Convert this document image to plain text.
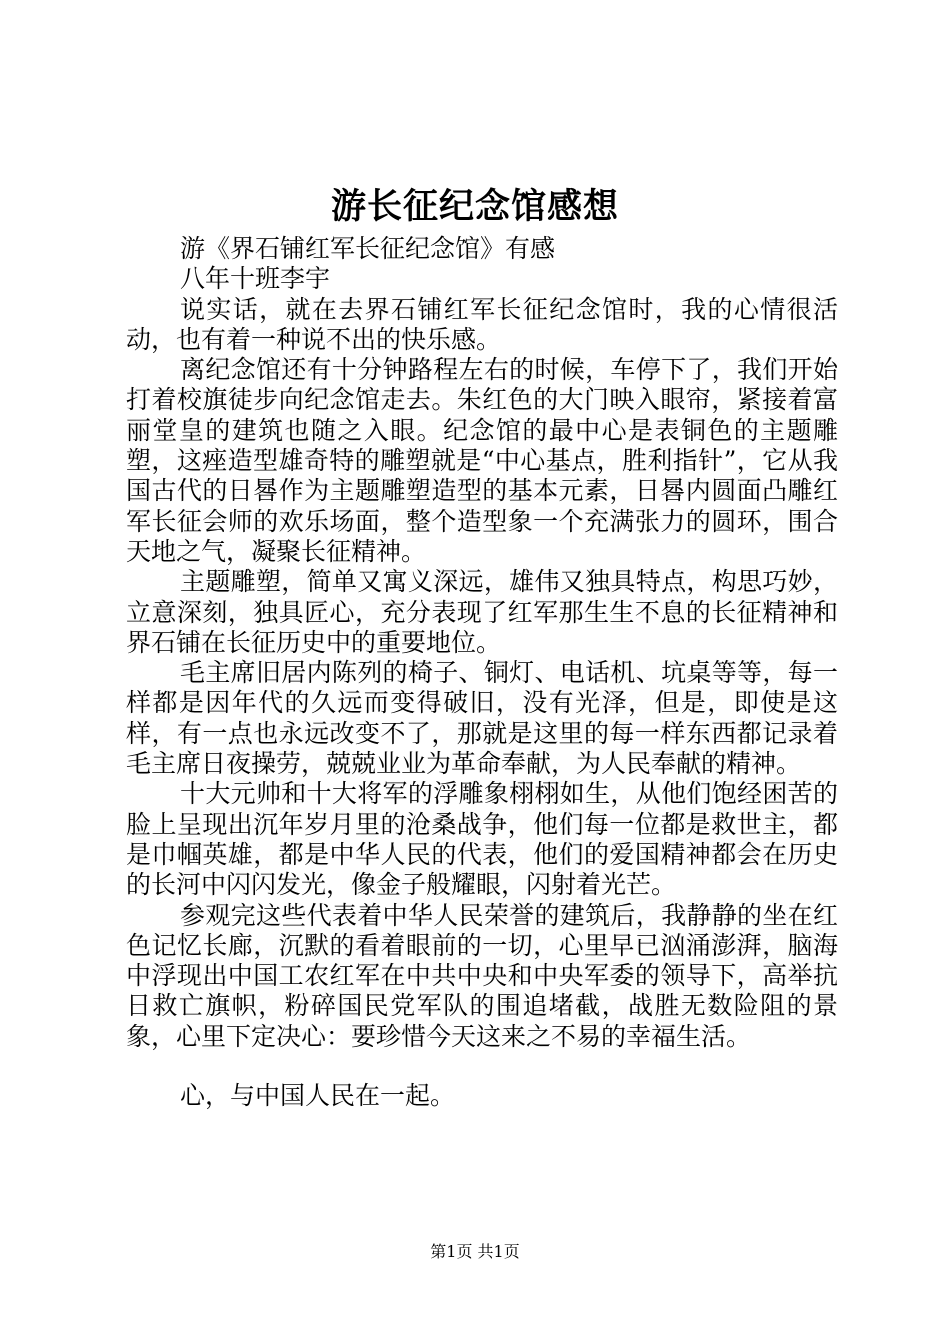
游长征纪念馆感想

游《界石铺红军长征纪念馆》有感

八年十班李宇

说实话，就在去界石铺红军长征纪念馆时，我的心情很活动，也有着一种说不出的快乐感。

离纪念馆还有十分钟路程左右的时候，车停下了，我们开始打着校旗徒步向纪念馆走去。朱红色的大门映入眼帘，紧接着富丽堂皇的建筑也随之入眼。纪念馆的最中心是表铜色的主题雕塑，这痤造型雄奇特的雕塑就是“中心基点，胜利指针”，它从我国古代的日晷作为主题雕塑造型的基本元素，日晷内圆面凸雕红军长征会师的欢乐场面，整个造型象一个充满张力的圆环，围合天地之气，凝聚长征精神。

主题雕塑，简单又寓义深远，雄伟又独具特点，构思巧妙，立意深刻，独具匠心，充分表现了红军那生生不息的长征精神和界石铺在长征历史中的重要地位。

毛主席旧居内陈列的椅子、铜灯、电话机、坑桌等等，每一样都是因年代的久远而变得破旧，没有光泽，但是，即使是这样，有一点也永远改变不了，那就是这里的每一样东西都记录着毛主席日夜操劳，兢兢业业为革命奉献，为人民奉献的精神。

十大元帅和十大将军的浮雕象栩栩如生，从他们饱经困苦的脸上呈现出沉年岁月里的沧桑战争，他们每一位都是救世主，都是巾帼英雄，都是中华人民的代表，他们的爱国精神都会在历史的长河中闪闪发光，像金子般耀眼，闪射着光芒。

参观完这些代表着中华人民荣誉的建筑后，我静静的坐在红色记忆长廊，沉默的看着眼前的一切，心里早已汹涌澎湃，脑海中浮现出中国工农红军在中共中央和中央军委的领导下，高举抗日救亡旗帜，粉碎国民党军队的围追堵截，战胜无数险阻的景象，心里下定决心：要珍惜今天这来之不易的幸福生活。

心，与中国人民在一起。

第1页 共1页
